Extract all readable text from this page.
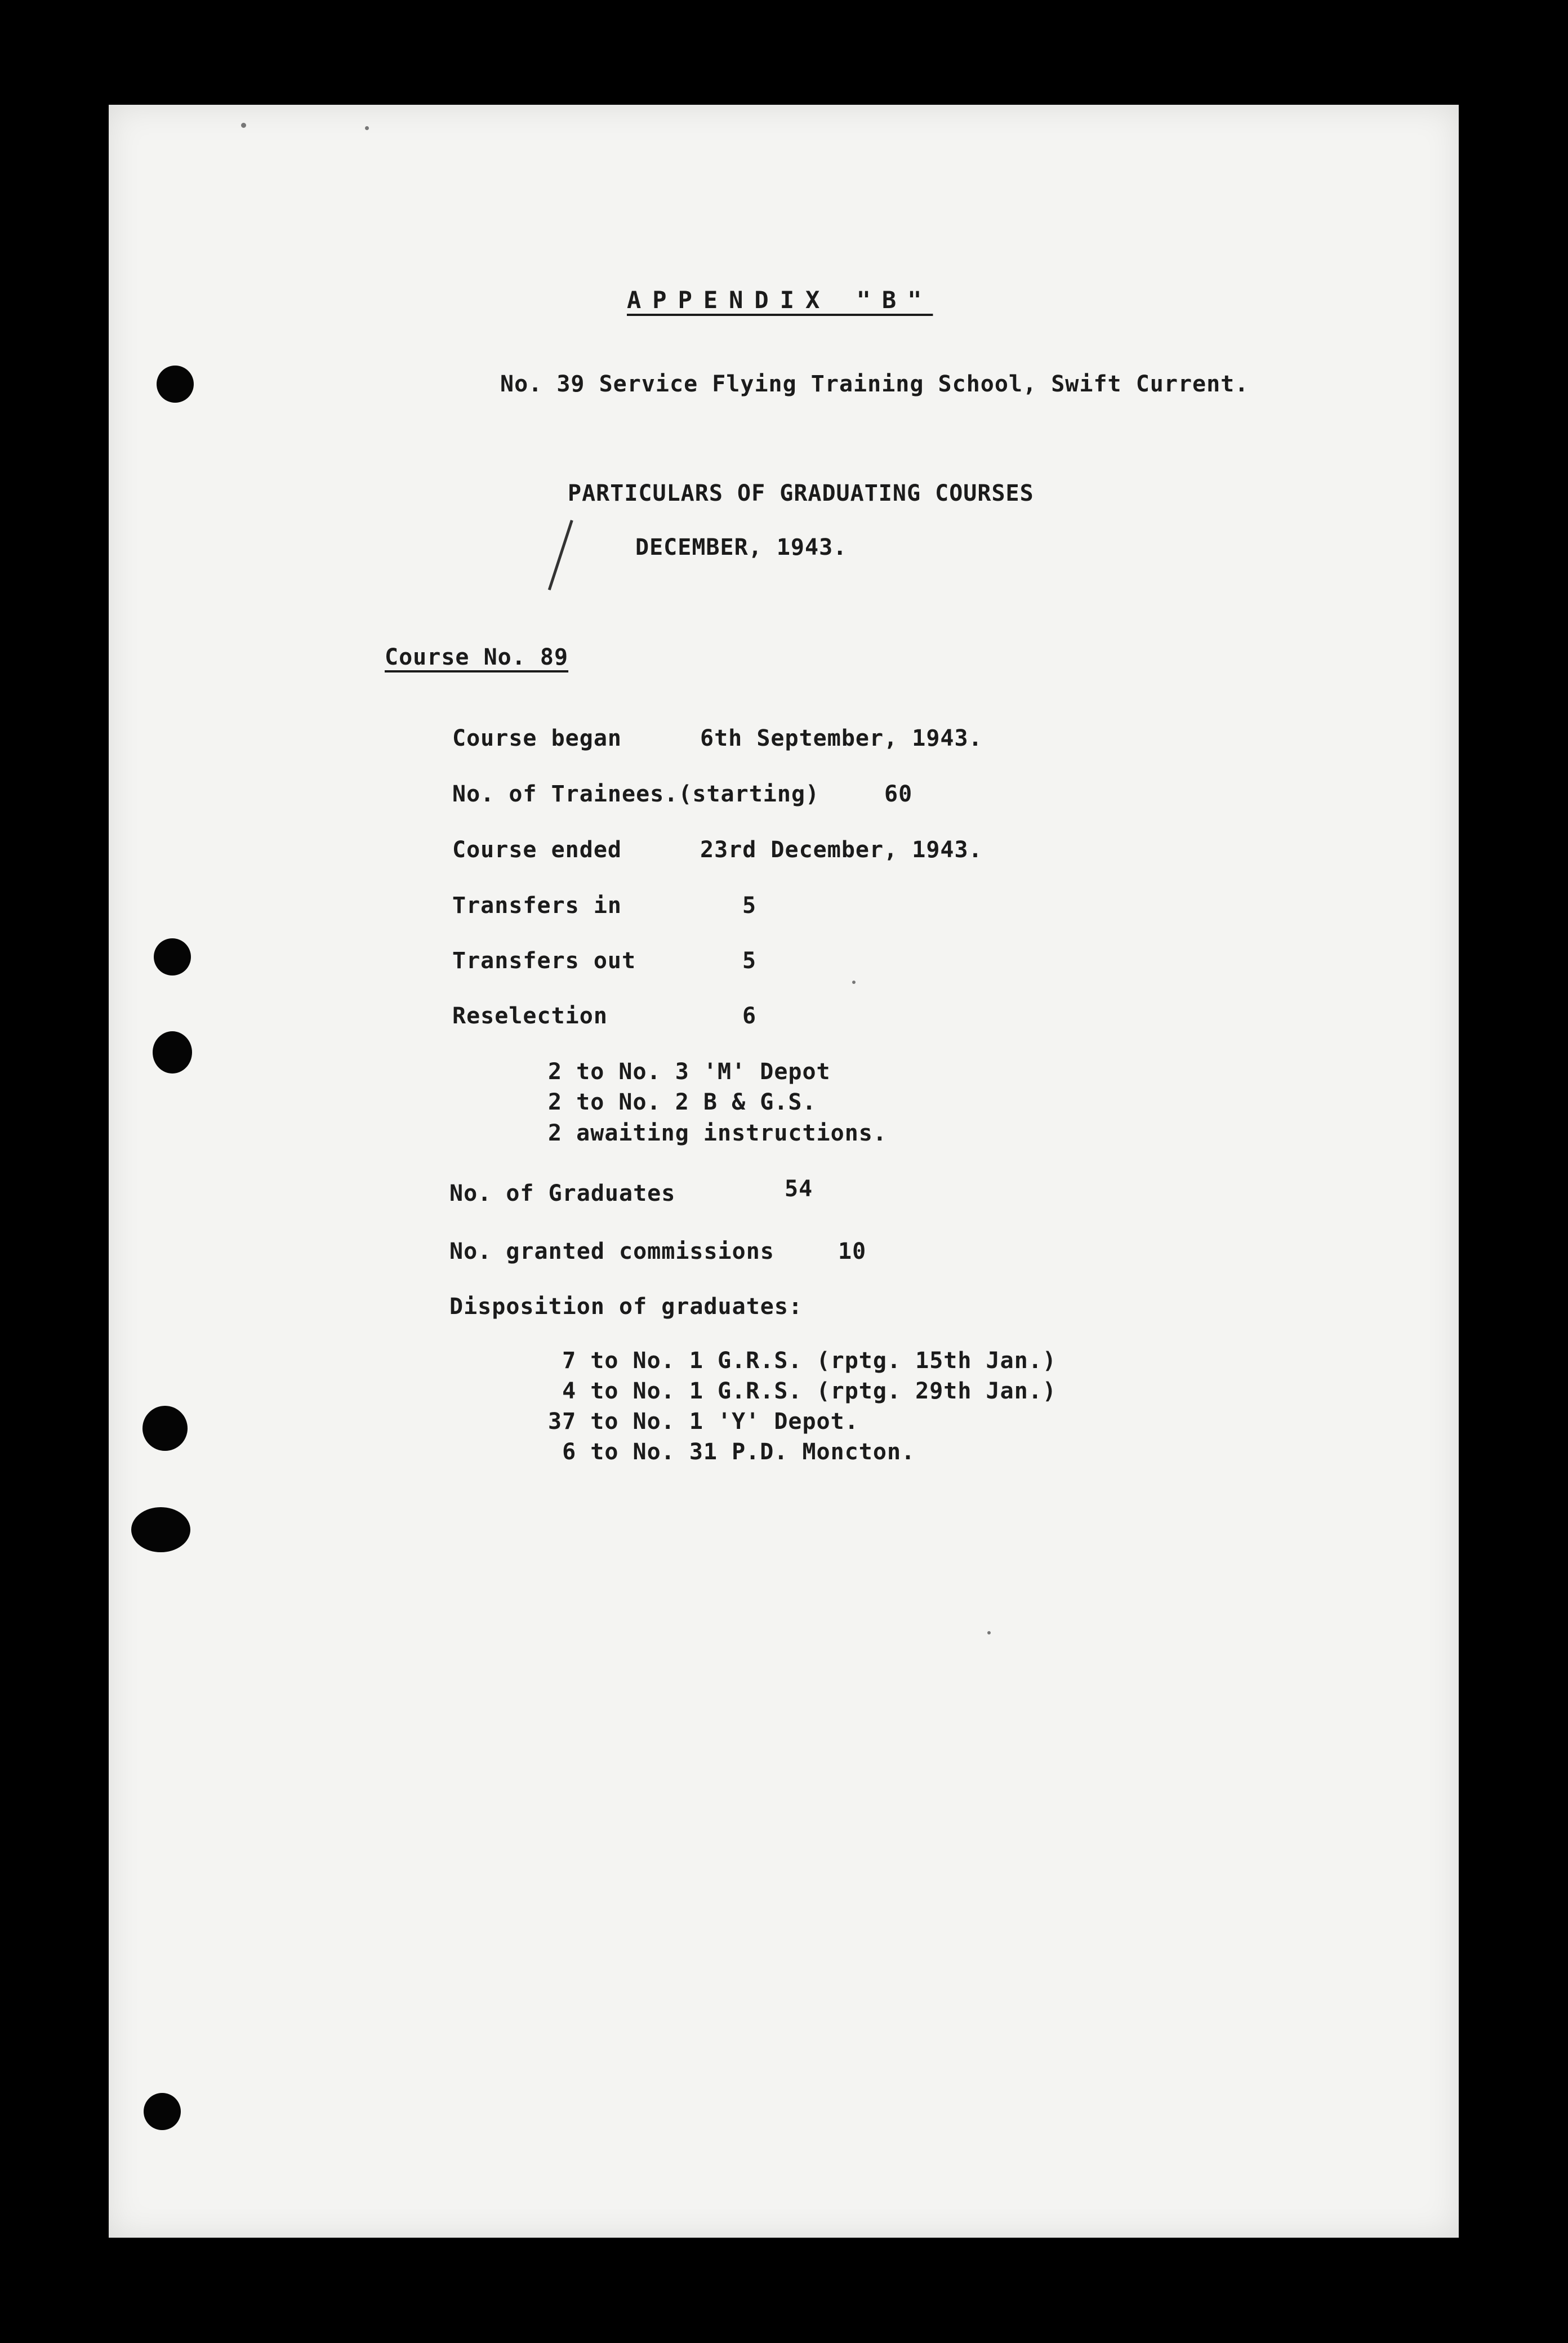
APPENDIX "B"
No. 39 Service Flying Training School, Swift Current.
PARTICULARS OF GRADUATING COURSES
DECEMBER, 1943.
Course No. 89
Course began	6th September, 1943.
No. of Trainees.(starting)	60
Course ended	23rd December, 1943.
Transfers in	5
Transfers out	5
Reselection	6
2 to No. 3 'M' Depot
2 to No. 2 B & G.S.
2 awaiting instructions.
No. of Graduates	54
No. granted commissions	10
Disposition of graduates:
7 to No. 1 G.R.S. (rptg. 15th Jan.)
4 to No. 1 G.R.S. (rptg. 29th Jan.)
37 to No. 1 'Y' Depot.
6 to No. 31 P.D. Moncton.
